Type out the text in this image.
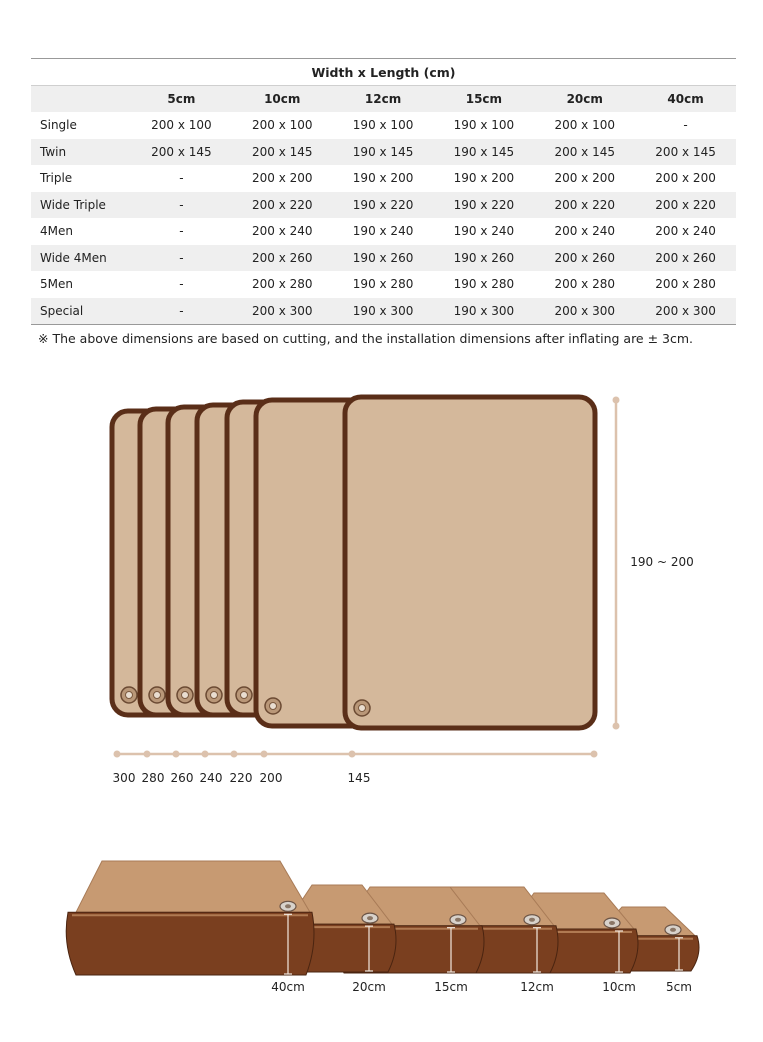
Width x Length (cm)						
	5cm	10cm	12cm	15cm	20cm	40cm
Single	200 x 100	200 x 100	190 x 100	190 x 100	200 x 100	-
Twin	200 x 145	200 x 145	190 x 145	190 x 145	200 x 145	200 x 145
Triple	-	200 x 200	190 x 200	190 x 200	200 x 200	200 x 200
Wide Triple	-	200 x 220	190 x 220	190 x 220	200 x 220	200 x 220
4Men	-	200 x 240	190 x 240	190 x 240	200 x 240	200 x 240
Wide 4Men	-	200 x 260	190 x 260	190 x 260	200 x 260	200 x 260
5Men	-	200 x 280	190 x 280	190 x 280	200 x 280	200 x 280
Special	-	200 x 300	190 x 300	190 x 300	200 x 300	200 x 300
※ The above dimensions are based on cutting, and the installation dimensions after inflating are ± 3cm.
190 ~ 200
300 280 260 240 220 200	145
40cm	20cm	15cm	12cm	10cm	5cm
